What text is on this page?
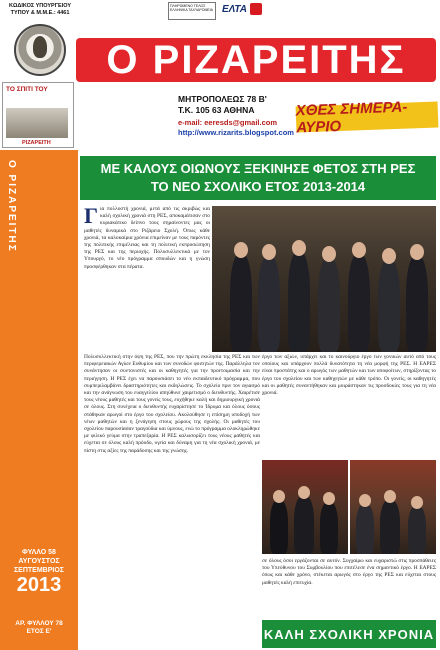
ΚΩΔΙΚΟΣ ΥΠΟΥΡΓΕΙΟΥ ΤΥΠΟΥ & Μ.Μ.Ε.: 4461
ΤΟ ΣΠΙΤΙ ΤΟΥ
ΡΙΖΑΡΕΙΤΗ
ΠΛΗΡΩΜΕΝΟ ΤΕΛΟΣ ΕΛΛΗΝΙΚΑ ΤΑΧΥΔΡΟΜΕΙΑ ΕΛΤΑ
Ο ΡΙΖΑΡΕΙΤΗΣ
ΜΗΤΡΟΠΟΛΕΩΣ 78 Β'
Τ.Κ. 105 63 ΑΘΗΝΑ
e-mail: eeresds@gmail.com
http://www.rizarits.blogspot.com
ΧΘΕΣ ΣΗΜΕΡΑ-ΑΥΡΙΟ
Ο ΡΙΖΑΡΕΙΤΗΣ
ΦΥΛΛΟ 58
ΑΥΓΟΥΣΤΟΣ ΣΕΠΤΕΜΒΡΙΟΣ
2013
ΑΡ. ΦΥΛΛΟΥ 78
ΕΤΟΣ Ε'
ΜΕ ΚΑΛΟΥΣ ΟΙΩΝΟΥΣ ΞΕΚΙΝΗΣΕ ΦΕΤΟΣ ΣΤΗ ΡΕΣ
ΤΟ ΝΕΟ ΣΧΟΛΙΚΟ ΕΤΟΣ 2013-2014
Για πολλοστή χρονιά, μετά από τις ακριβώς και καλή σχολική χρονιά στη ΡΕΣ, αποκαμάτισαν στο κυριακάτικο δείπνο τους σημαίνοντες μας οι μαθητές δυναμικά στο Ριζάρειο Σχολή. Όπως κάθε χρονιά, τα καλοκαίρια χρόνια επιμείναν με τους παρόντες της πολιτικής επιμέλειας και τη πολιτική εκπροσώπηση της ΡΕΣ και της περιοχής. Πολυσυλλεκτικά με τον Υπουργό, το νέο πρόγραμμα σπουδών και η γνώση προσφέρθηκαν στα πέρατα.
Πολυσυλλεκτική στην όψη της ΡΕΣ, που την πρώτη εκκλησία της ΡΕΣ και των περιφερειακών Αγίων Ευθυμίου και των συνοδών φοιτητών της. Παράλληλα τον συνάντησαν οι συντονιστές και οι καθηγητές για την προετοιμασία και την περιήγηση. Η ΡΕΣ έχει να παρουσιάσει το νέο εκπαιδευτικό πρόγραμμα, που συμπεριλαμβάνει δραστηριότητες και εκδηλώσεις. Το σχολείο πριν τον αγιασμό και την ανάγνωση του ευαγγελίου απηύθυνε χαιρετισμό ο διευθυντής. Χαιρέτισε τους νέους μαθητές και τους γονείς τους, ευχήθηκε καλή και δημιουργική χρονιά σε όλους. Στη συνέχεια ο διευθυντής ευχαρίστησε το Ίδρυμα και όλους όσους στάθηκαν αρωγοί στο έργο του σχολείου. Ακολούθησε η επίσημη υποδοχή των νέων μαθητών και η ξενάγηση στους χώρους της σχολής. Οι μαθητές του σχολείου παρουσίασαν τραγούδια και ύμνους, ενώ το πρόγραμμα ολοκληρώθηκε με φιλικό γεύμα στην τραπεζαρία. Η ΡΕΣ καλωσορίζει τους νέους μαθητές και εύχεται σε όλους καλή πρόοδο, υγεία και δύναμη για τη νέα σχολική χρονιά, με πίστη στις αξίες της παράδοσης και της γνώσης.
έργο των αξιών, υπάρχει και το καινούργιο έργο των γονικών αυτό από τους οποίους και υπάρχουν πολλά δυνατότητα τη νέα μορφή της ΡΕΣ. Η ΕΑΡΕΣ είναι προστάτης και ο αρωγός των μαθητών και των αποφοίτων, στηρίζοντας το έργο του σχολείου και των καθηγητών με κάθε τρόπο. Οι γονείς, οι καθηγητές και οι μαθητές συναντήθηκαν και μοιράστηκαν τις προσδοκίες τους για τη νέα χρονιά.
σε όλους όσοι εργάζονται σε αυτόν. Συγχαίρω και ευχαριστώ στις προσπάθειες του Υπεύθυνου του Συμβουλίου που επιτέλεσε ένα σημαντικό έργο. Η ΕΑΡΕΣ όπως και κάθε χρόνο, στέκεται αρωγός στο έργο της ΡΕΣ και εύχεται στους μαθητές καλή επιτυχία.
ΚΑΛΗ ΣΧΟΛΙΚΗ ΧΡΟΝΙΑ
